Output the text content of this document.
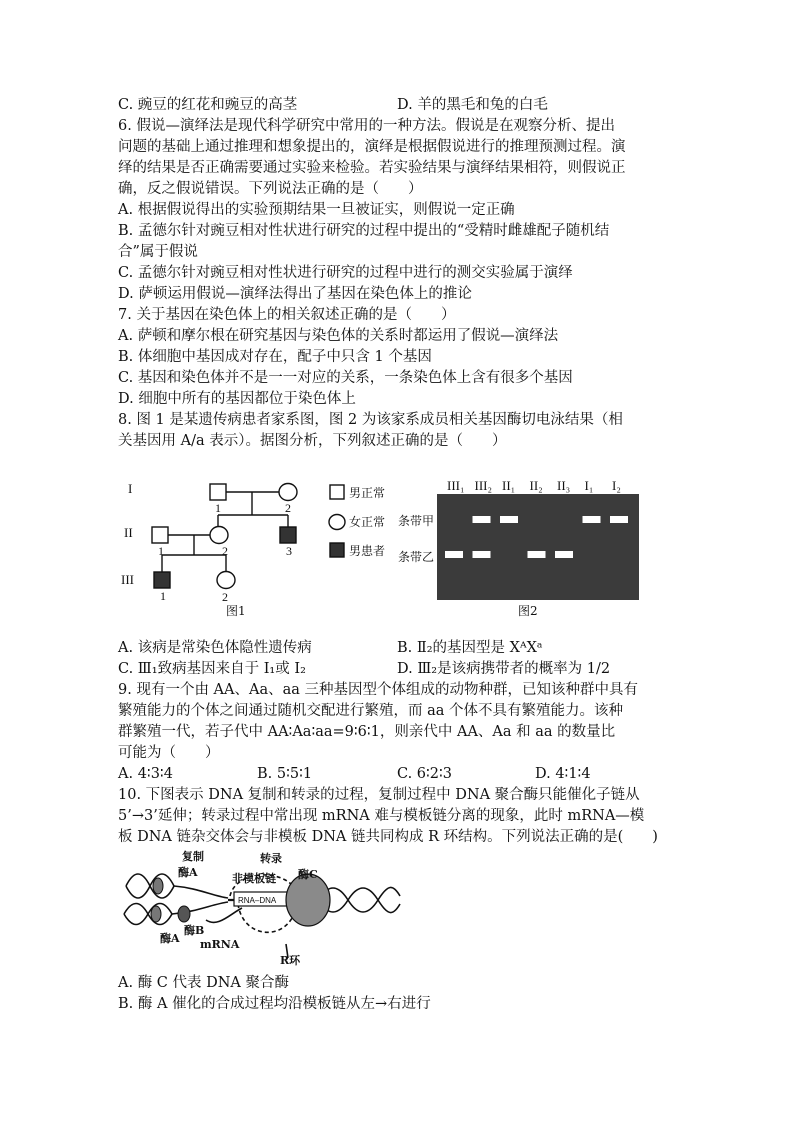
C. 豌豆的红花和豌豆的高茎	D. 羊的黑毛和兔的白毛
6. 假说—演绎法是现代科学研究中常用的一种方法。假说是在观察分析、提出
问题的基础上通过推理和想象提出的，演绎是根据假说进行的推理预测过程。演
绎的结果是否正确需要通过实验来检验。若实验结果与演绎结果相符，则假说正
确，反之假说错误。下列说法正确的是（　　）
A. 根据假说得出的实验预期结果一旦被证实，则假说一定正确
B. 孟德尔针对豌豆相对性状进行研究的过程中提出的“受精时雌雄配子随机结
合”属于假说
C. 孟德尔针对豌豆相对性状进行研究的过程中进行的测交实验属于演绎
D. 萨顿运用假说—演绎法得出了基因在染色体上的推论
7. 关于基因在染色体上的相关叙述正确的是（　　）
A. 萨顿和摩尔根在研究基因与染色体的关系时都运用了假说—演绎法
B. 体细胞中基因成对存在，配子中只含 1 个基因
C. 基因和染色体并不是一一对应的关系，一条染色体上含有很多个基因
D. 细胞中所有的基因都位于染色体上
8. 图 1 是某遗传病患者家系图，图 2 为该家系成员相关基因酶切电泳结果（相
关基因用 A/a 表示）。据图分析，下列叙述正确的是（　　）
I
II
III
1	2
1	2	3
1	2
男正常
女正常
男患者
图1
III₁ III₂ II₁ II₂ II₃ I₁ I₂
条带甲
条带乙
图2
A. 该病是常染色体隐性遗传病	B. Ⅱ₂的基因型是 XᴬXᵃ
C. Ⅲ₁致病基因来自于 I₁或 I₂	D. Ⅲ₂是该病携带者的概率为 1/2
9. 现有一个由 AA、Aa、aa 三种基因型个体组成的动物种群，已知该种群中具有
繁殖能力的个体之间通过随机交配进行繁殖，而 aa 个体不具有繁殖能力。该种
群繁殖一代，若子代中 AA∶Aa∶aa=9∶6∶1，则亲代中 AA、Aa 和 aa 的数量比
可能为（　　）
A. 4∶3∶4	B. 5∶5∶1	C. 6∶2∶3	D. 4∶1∶4
10. 下图表示 DNA 复制和转录的过程，复制过程中 DNA 聚合酶只能催化子链从
5’→3’延伸；转录过程中常出现 mRNA 难与模板链分离的现象，此时 mRNA—模
板 DNA 链杂交体会与非模板 DNA 链共同构成 R 环结构。下列说法正确的是(　　)
复制
酶A
转录
非模板链 酶C
酶B
酶A mRNA
R环
RNA–DNA
A. 酶 C 代表 DNA 聚合酶
B. 酶 A 催化的合成过程均沿模板链从左→右进行
